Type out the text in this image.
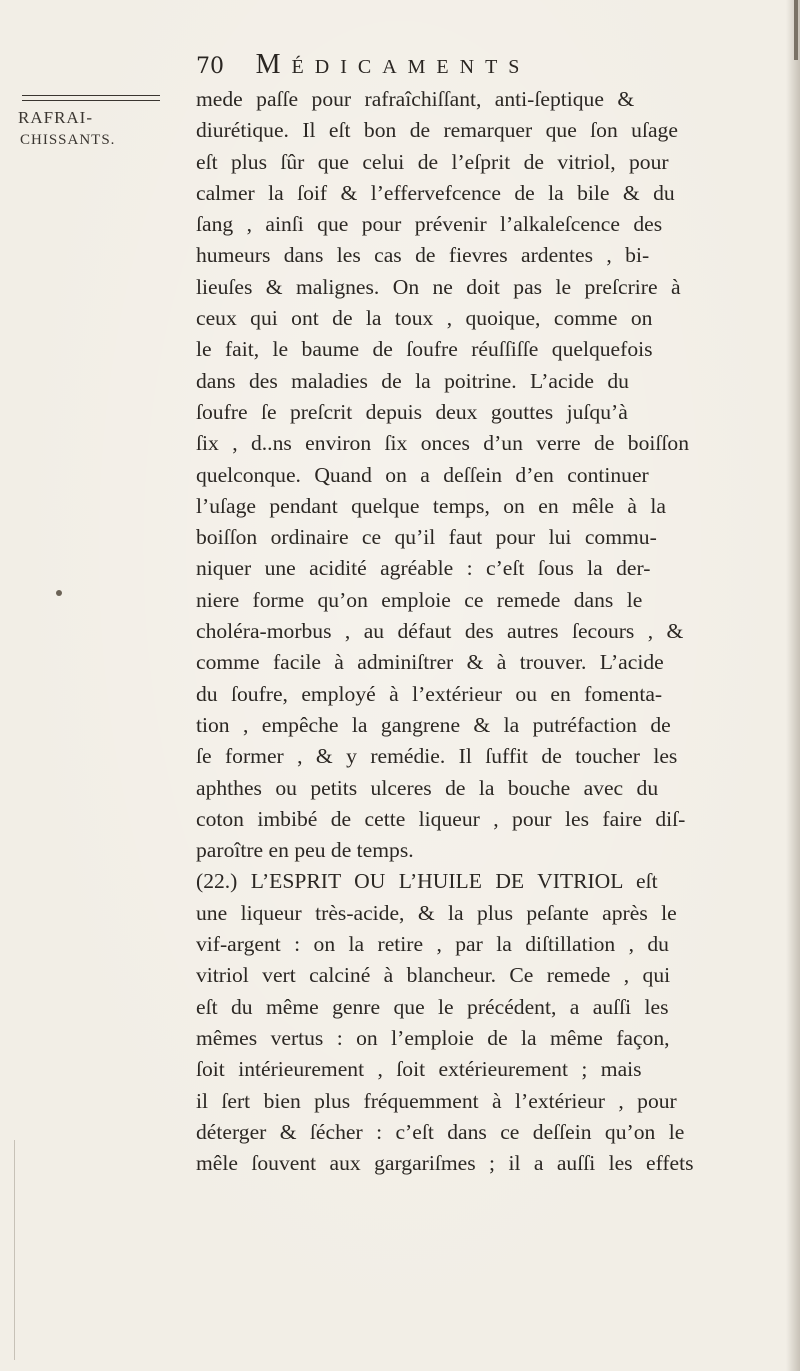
70 Médicaments
RAFRAI-
CHISSANTS.
mede paſſe pour rafraîchiſſant, anti-ſeptique &
diurétique. Il eſt bon de remarquer que ſon uſage
eſt plus ſûr que celui de l’eſprit de vitriol, pour
calmer la ſoif & l’effervefcence de la bile & du
ſang , ainſi que pour prévenir l’alkaleſcence des
humeurs dans les cas de fievres ardentes , bi-
lieuſes & malignes. On ne doit pas le preſcrire à
ceux qui ont de la toux , quoique, comme on
le fait, le baume de ſoufre réuſſiſſe quelquefois
dans des maladies de la poitrine. L’acide du
ſoufre ſe preſcrit depuis deux gouttes juſqu’à
ſix , d..ns environ ſix onces d’un verre de boiſſon
quelconque. Quand on a deſſein d’en continuer
l’uſage pendant quelque temps, on en mêle à la
boiſſon ordinaire ce qu’il faut pour lui commu-
niquer une acidité agréable : c’eſt ſous la der-
niere forme qu’on emploie ce remede dans le
choléra-morbus , au défaut des autres ſecours , &
comme facile à adminiſtrer & à trouver. L’acide
du ſoufre, employé à l’extérieur ou en fomenta-
tion , empêche la gangrene & la putréfaction de
ſe former , & y remédie. Il ſuffit de toucher les
aphthes ou petits ulceres de la bouche avec du
coton imbibé de cette liqueur , pour les faire diſ-
paroître en peu de temps.
(22.) L’ESPRIT OU L’HUILE DE VITRIOL eſt
une liqueur très-acide, & la plus peſante après le
vif-argent : on la retire , par la diſtillation , du
vitriol vert calciné à blancheur. Ce remede , qui
eſt du même genre que le précédent, a auſſi les
mêmes vertus : on l’emploie de la même façon,
ſoit intérieurement , ſoit extérieurement ; mais
il ſert bien plus fréquemment à l’extérieur , pour
déterger & ſécher : c’eſt dans ce deſſein qu’on le
mêle ſouvent aux gargariſmes ; il a auſſi les effets
